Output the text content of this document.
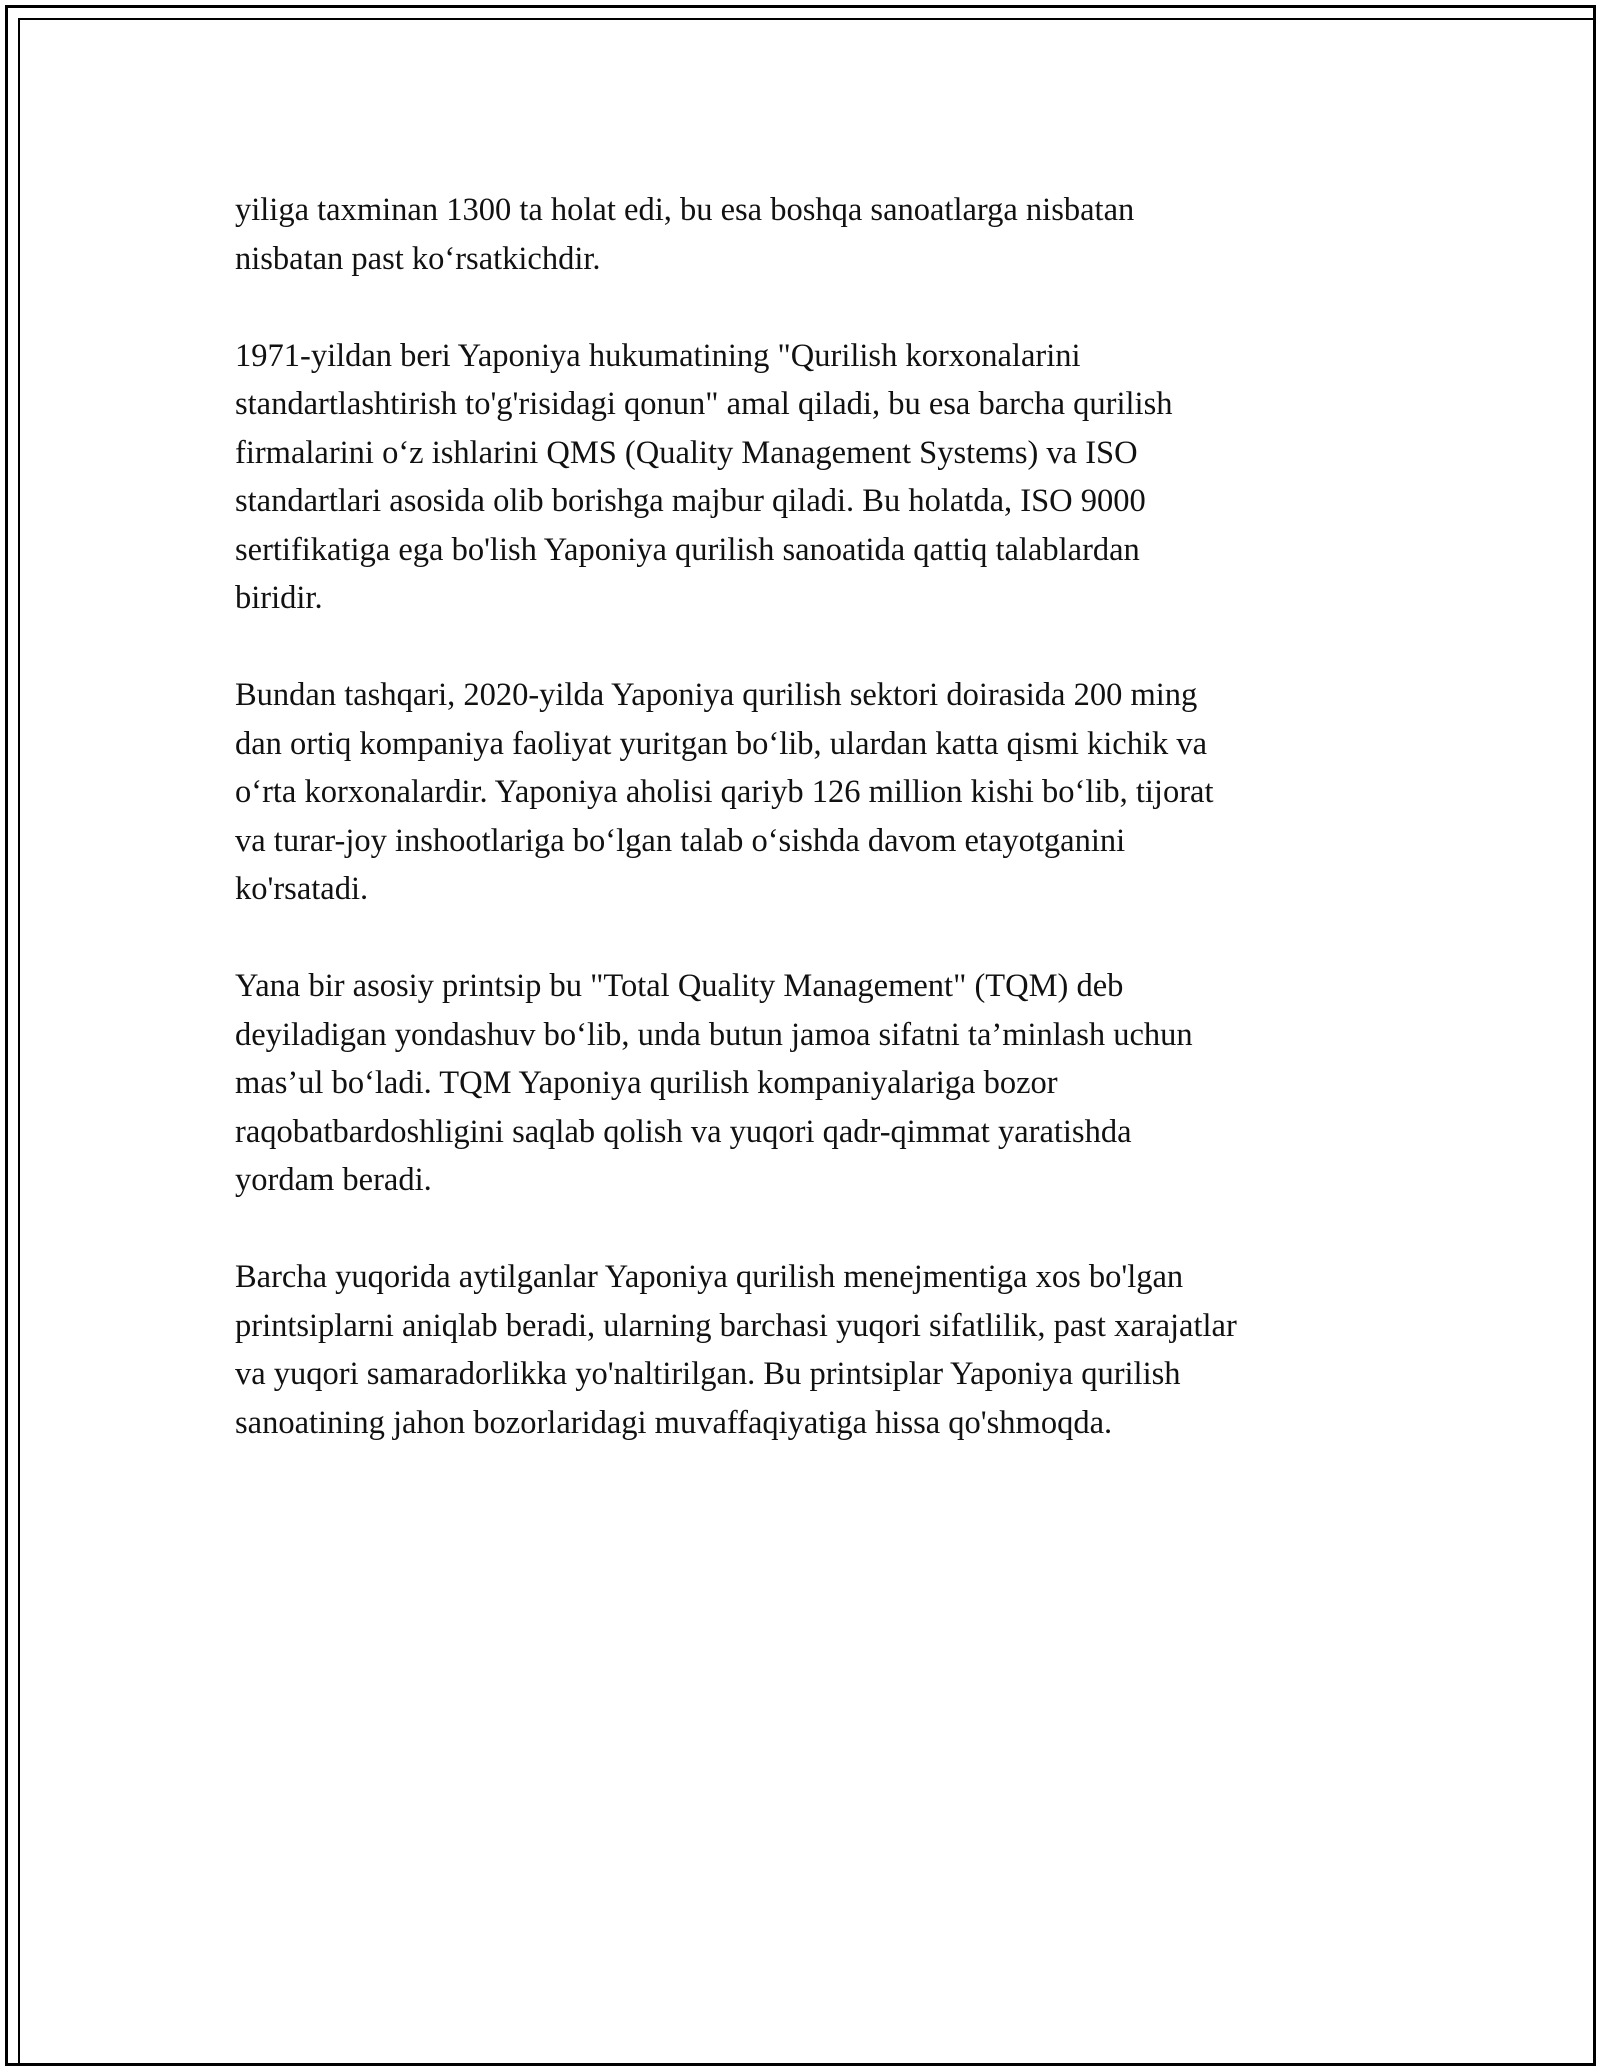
yiliga taxminan 1300 ta holat edi, bu esa boshqa sanoatlarga nisbatan
nisbatan past ko‘rsatkichdir.

1971-yildan beri Yaponiya hukumatining "Qurilish korxonalarini
standartlashtirish to'g'risidagi qonun" amal qiladi, bu esa barcha qurilish
firmalarini o‘z ishlarini QMS (Quality Management Systems) va ISO
standartlari asosida olib borishga majbur qiladi. Bu holatda, ISO 9000
sertifikatiga ega bo'lish Yaponiya qurilish sanoatida qattiq talablardan
biridir.

Bundan tashqari, 2020-yilda Yaponiya qurilish sektori doirasida 200 ming
dan ortiq kompaniya faoliyat yuritgan bo‘lib, ulardan katta qismi kichik va
o‘rta korxonalardir. Yaponiya aholisi qariyb 126 million kishi bo‘lib, tijorat
va turar-joy inshootlariga bo‘lgan talab o‘sishda davom etayotganini
ko'rsatadi.

Yana bir asosiy printsip bu "Total Quality Management" (TQM) deb
deyiladigan yondashuv bo‘lib, unda butun jamoa sifatni ta’minlash uchun
mas’ul bo‘ladi. TQM Yaponiya qurilish kompaniyalariga bozor
raqobatbardoshligini saqlab qolish va yuqori qadr-qimmat yaratishda
yordam beradi.

Barcha yuqorida aytilganlar Yaponiya qurilish menejmentiga xos bo'lgan
printsiplarni aniqlab beradi, ularning barchasi yuqori sifatlilik, past xarajatlar
va yuqori samaradorlikka yo'naltirilgan. Bu printsiplar Yaponiya qurilish
sanoatining jahon bozorlaridagi muvaffaqiyatiga hissa qo'shmoqda.
